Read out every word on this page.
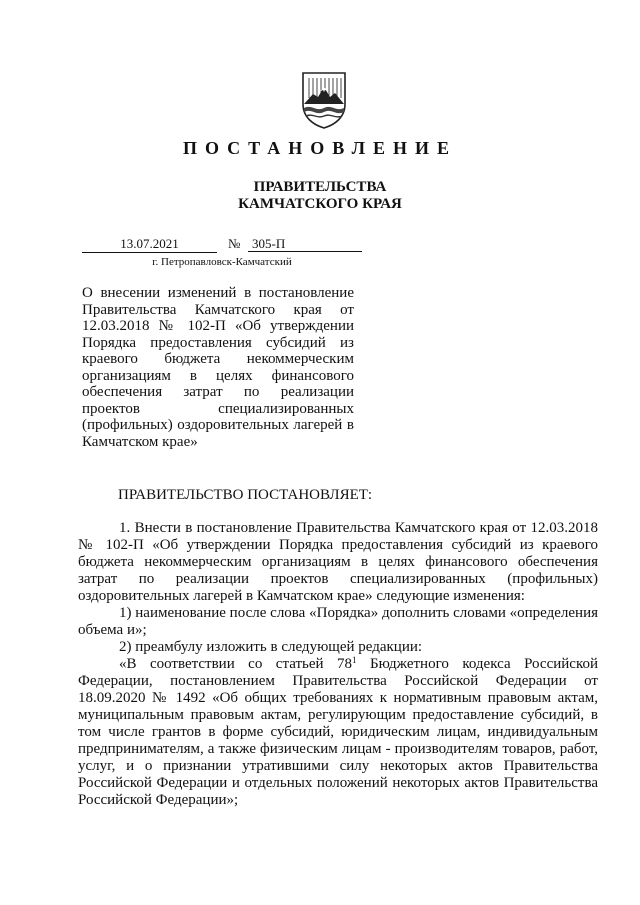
ПОСТАНОВЛЕНИЕ
ПРАВИТЕЛЬСТВА
КАМЧАТСКОГО КРАЯ
13.07.2021	№ 305-П
г. Петропавловск-Камчатский
О внесении изменений в постановление
Правительства Камчатского края от
12.03.2018 № 102-П «Об утверждении
Порядка предоставления субсидий из
краевого бюджета некоммерческим
организациям в целях финансового
обеспечения затрат по реализации
проектов специализированных
(профильных) оздоровительных лагерей в
Камчатском крае»
ПРАВИТЕЛЬСТВО ПОСТАНОВЛЯЕТ:
1. Внести в постановление Правительства Камчатского края от 12.03.2018
№ 102-П «Об утверждении Порядка предоставления субсидий из краевого
бюджета некоммерческим организациям в целях финансового обеспечения
затрат по реализации проектов специализированных (профильных)
оздоровительных лагерей в Камчатском крае» следующие изменения:
1) наименование после слова «Порядка» дополнить словами «определения
объема и»;
2) преамбулу изложить в следующей редакции:
«В соответствии со статьей $78^1$ Бюджетного кодекса Российской
Федерации, постановлением Правительства Российской Федерации от
18.09.2020 № 1492 «Об общих требованиях к нормативным правовым актам,
муниципальным правовым актам, регулирующим предоставление субсидий, в
том числе грантов в форме субсидий, юридическим лицам, индивидуальным
предпринимателям, а также физическим лицам - производителям товаров, работ,
услуг, и о признании утратившими силу некоторых актов Правительства
Российской Федерации и отдельных положений некоторых актов Правительства
Российской Федерации»;
